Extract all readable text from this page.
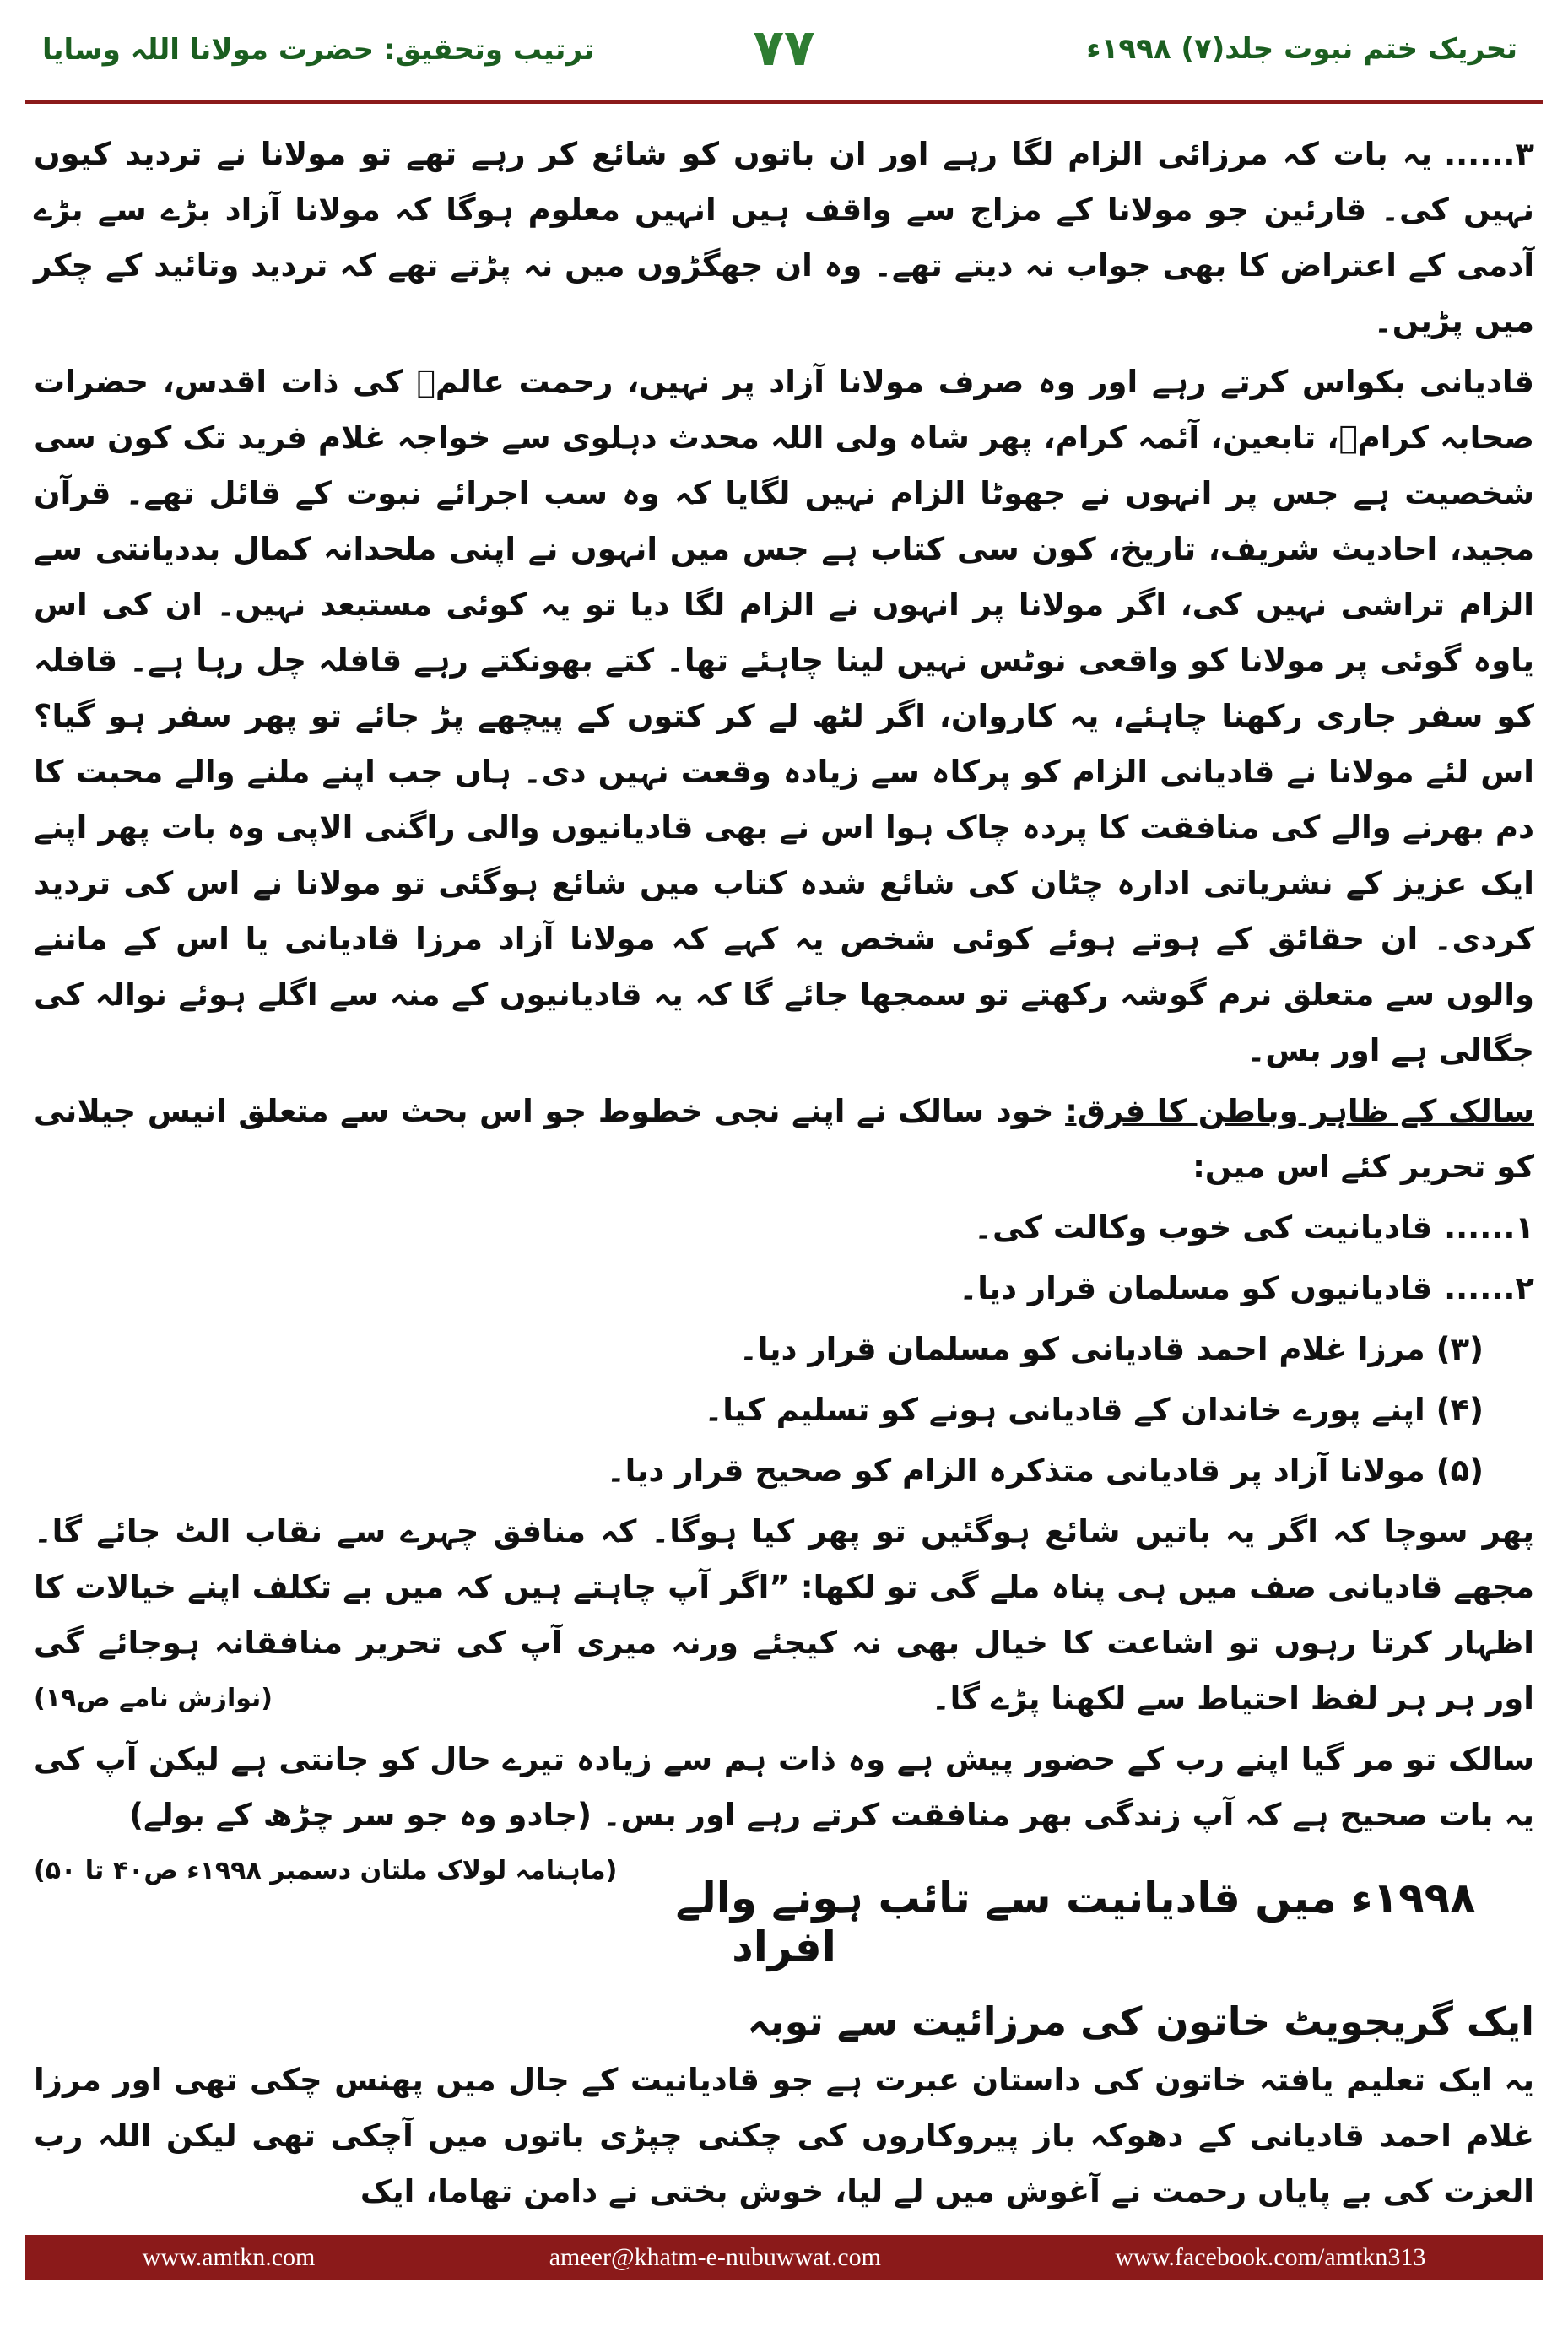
تحریک ختم نبوت جلد(۷) ۱۹۹۸ء
۷۷
ترتیب وتحقیق: حضرت مولانا اللہ وسایا

۳......یہ بات کہ مرزائی الزام لگا رہے اور ان باتوں کو شائع کر رہے تھے تو مولانا نے تردید کیوں نہیں کی۔ قارئین جو مولانا کے مزاج سے واقف ہیں انہیں معلوم ہوگا کہ مولانا آزاد بڑے سے بڑے آدمی کے اعتراض کا بھی جواب نہ دیتے تھے۔ وہ ان جھگڑوں میں نہ پڑتے تھے کہ تردید وتائید کے چکر میں پڑیں۔

قادیانی بکواس کرتے رہے اور وہ صرف مولانا آزاد پر نہیں، رحمت عالمﷺ کی ذات اقدس، حضرات صحابہ کرامؓ، تابعین، آئمہ کرام، پھر شاہ ولی اللہ محدث دہلوی سے خواجہ غلام فرید تک کون سی شخصیت ہے جس پر انہوں نے جھوٹا الزام نہیں لگایا کہ وہ سب اجرائے نبوت کے قائل تھے۔ قرآن مجید، احادیث شریف، تاریخ، کون سی کتاب ہے جس میں انہوں نے اپنی ملحدانہ کمال بددیانتی سے الزام تراشی نہیں کی، اگر مولانا پر انہوں نے الزام لگا دیا تو یہ کوئی مستبعد نہیں۔ ان کی اس یاوہ گوئی پر مولانا کو واقعی نوٹس نہیں لینا چاہئے تھا۔ کتے بھونکتے رہے قافلہ چل رہا ہے۔ قافلہ کو سفر جاری رکھنا چاہئے، یہ کاروان، اگر لٹھ لے کر کتوں کے پیچھے پڑ جائے تو پھر سفر ہو گیا؟ اس لئے مولانا نے قادیانی الزام کو پرکاہ سے زیادہ وقعت نہیں دی۔ ہاں جب اپنے ملنے والے محبت کا دم بھرنے والے کی منافقت کا پردہ چاک ہوا اس نے بھی قادیانیوں والی راگنی الاپی وہ بات پھر اپنے ایک عزیز کے نشریاتی ادارہ چٹان کی شائع شدہ کتاب میں شائع ہوگئی تو مولانا نے اس کی تردید کردی۔ ان حقائق کے ہوتے ہوئے کوئی شخص یہ کہے کہ مولانا آزاد مرزا قادیانی یا اس کے ماننے والوں سے متعلق نرم گوشہ رکھتے تو سمجھا جائے گا کہ یہ قادیانیوں کے منہ سے اگلے ہوئے نوالہ کی جگالی ہے اور بس۔

سالک کے ظاہر وباطن کا فرق: خود سالک نے اپنے نجی خطوط جو اس بحث سے متعلق انیس جیلانی کو تحریر کئے اس میں:

۱......قادیانیت کی خوب وکالت کی۔
۲......قادیانیوں کو مسلمان قرار دیا۔
(۳) مرزا غلام احمد قادیانی کو مسلمان قرار دیا۔
(۴) اپنے پورے خاندان کے قادیانی ہونے کو تسلیم کیا۔
(۵) مولانا آزاد پر قادیانی متذکرہ الزام کو صحیح قرار دیا۔

پھر سوچا کہ اگر یہ باتیں شائع ہوگئیں تو پھر کیا ہوگا۔ کہ منافق چہرے سے نقاب الٹ جائے گا۔ مجھے قادیانی صف میں ہی پناہ ملے گی تو لکھا: ”اگر آپ چاہتے ہیں کہ میں بے تکلف اپنے خیالات کا اظہار کرتا رہوں تو اشاعت کا خیال بھی نہ کیجئے ورنہ میری آپ کی تحریر منافقانہ ہوجائے گی اور ہر ہر لفظ احتیاط سے لکھنا پڑے گا۔
(نوازش نامے ص۱۹)

سالک تو مر گیا اپنے رب کے حضور پیش ہے وہ ذات ہم سے زیادہ تیرے حال کو جانتی ہے لیکن آپ کی یہ بات صحیح ہے کہ آپ زندگی بھر منافقت کرتے رہے اور بس۔ (جادو وہ جو سر چڑھ کے بولے)
(ماہنامہ لولاک ملتان دسمبر ۱۹۹۸ء ص۴۰ تا ۵۰)

۱۹۹۸ء میں قادیانیت سے تائب ہونے والے افراد
ایک گریجویٹ خاتون کی مرزائیت سے توبہ

یہ ایک تعلیم یافتہ خاتون کی داستان عبرت ہے جو قادیانیت کے جال میں پھنس چکی تھی اور مرزا غلام احمد قادیانی کے دھوکہ باز پیروکاروں کی چکنی چپڑی باتوں میں آچکی تھی لیکن اللہ رب العزت کی بے پایاں رحمت نے آغوش میں لے لیا، خوش بختی نے دامن تھاما، ایک

www.amtkn.com	ameer@khatm-e-nubuwwat.com	www.facebook.com/amtkn313
